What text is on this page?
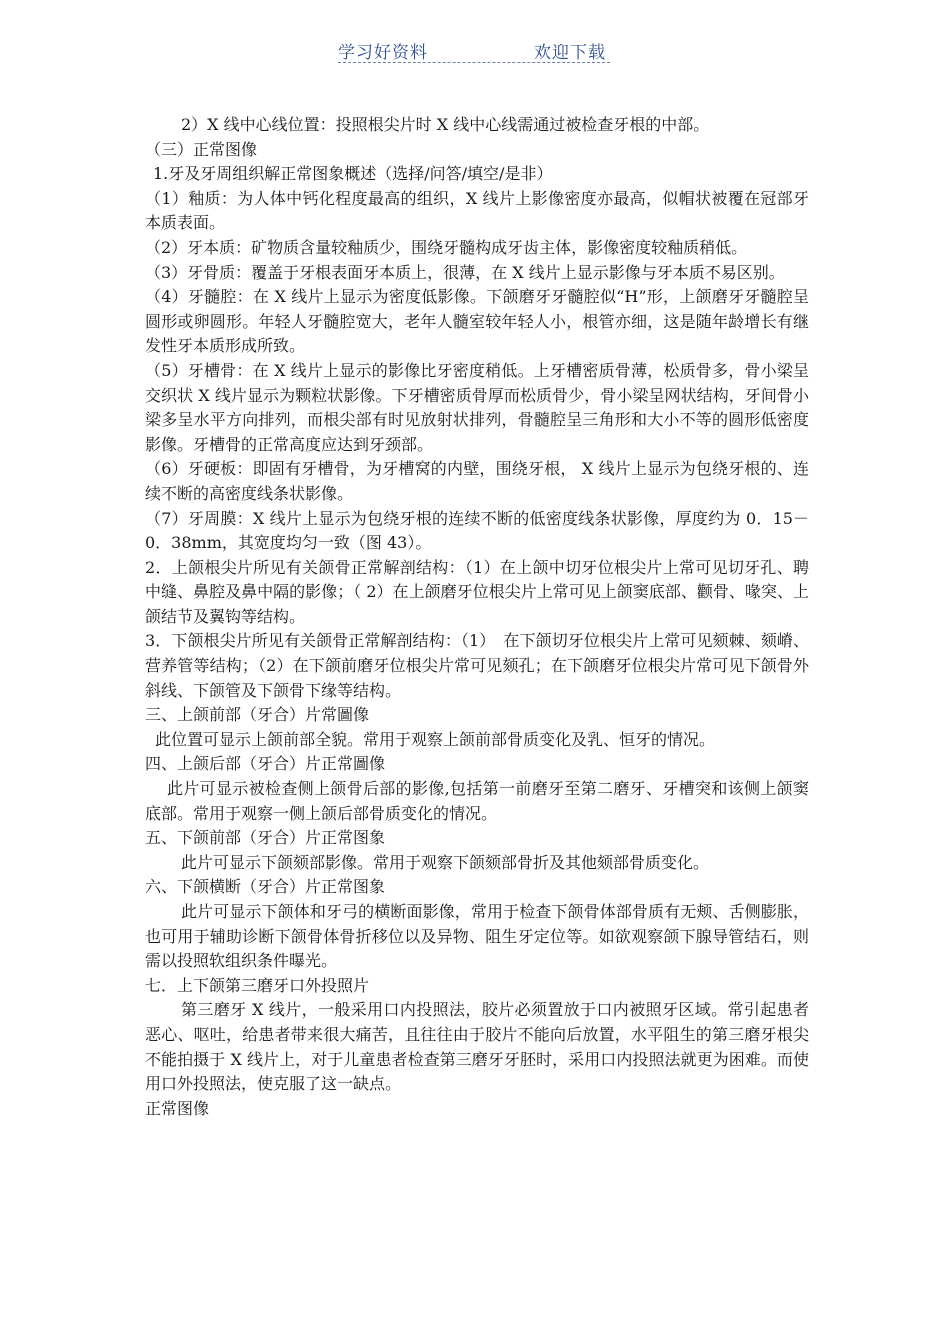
学习好资料	欢迎下载

2）X 线中心线位置：投照根尖片时 X 线中心线需通过被检查牙根的中部。

（三）正常图像

1.牙及牙周组织解正常图象概述（选择/问答/填空/是非）

（1）釉质：为人体中钙化程度最高的组织，X 线片上影像密度亦最高，似帽状被覆在冠部牙本质表面。

（2）牙本质：矿物质含量较釉质少，围绕牙髓构成牙齿主体，影像密度较釉质稍低。

（3）牙骨质：覆盖于牙根表面牙本质上，很薄，在 X 线片上显示影像与牙本质不易区别。

（4）牙髓腔：在 X 线片上显示为密度低影像。下颌磨牙牙髓腔似“H”形，上颌磨牙牙髓腔呈圆形或卵圆形。年轻人牙髓腔宽大，老年人髓室较年轻人小，根管亦细，这是随年龄增长有继发性牙本质形成所致。

（5）牙槽骨：在 X 线片上显示的影像比牙密度稍低。上牙槽密质骨薄，松质骨多，骨小梁呈交织状 X 线片显示为颗粒状影像。下牙槽密质骨厚而松质骨少，骨小梁呈网状结构，牙间骨小梁多呈水平方向排列，而根尖部有时见放射状排列，骨髓腔呈三角形和大小不等的圆形低密度影像。牙槽骨的正常高度应达到牙颈部。

（6）牙硬板：即固有牙槽骨，为牙槽窝的内壁，围绕牙根， X 线片上显示为包绕牙根的、连续不断的高密度线条状影像。

（7）牙周膜：X 线片上显示为包绕牙根的连续不断的低密度线条状影像，厚度约为 0．15－0．38mm，其宽度均匀一致（图 43）。

2．上颌根尖片所见有关颌骨正常解剖结构：（1）在上颌中切牙位根尖片上常可见切牙孔、聘中缝、鼻腔及鼻中隔的影像；（ 2）在上颌磨牙位根尖片上常可见上颌窦底部、颧骨、喙突、上颌结节及翼钩等结构。

3．下颌根尖片所见有关颌骨正常解剖结构：（1）　在下颌切牙位根尖片上常可见颏棘、颏嵴、营养管等结构；（2）在下颌前磨牙位根尖片常可见颏孔；在下颌磨牙位根尖片常可见下颌骨外斜线、下颌管及下颌骨下缘等结构。

三、上颌前部（牙合）片常圖像

此位置可显示上颌前部全貌。常用于观察上颌前部骨质变化及乳、恒牙的情况。

四、上颌后部（牙合）片正常圖像

此片可显示被检查侧上颌骨后部的影像,包括第一前磨牙至第二磨牙、牙槽突和该侧上颌窦底部。常用于观察一侧上颌后部骨质变化的情况。

五、下颌前部（牙合）片正常图象

此片可显示下颌颏部影像。常用于观察下颌颏部骨折及其他颏部骨质变化。

六、下颌横断（牙合）片正常图象

此片可显示下颌体和牙弓的横断面影像，常用于检查下颌骨体部骨质有无颊、舌侧膨胀，也可用于辅助诊断下颌骨体骨折移位以及异物、阻生牙定位等。如欲观察颌下腺导管结石，则需以投照软组织条件曝光。

七．上下颌第三磨牙口外投照片

第三磨牙 X 线片，一般采用口内投照法，胶片必须置放于口内被照牙区域。常引起患者恶心、呕吐，给患者带来很大痛苦，且往往由于胶片不能向后放置，水平阻生的第三磨牙根尖不能拍摄于 X 线片上，对于儿童患者检查第三磨牙牙胚时，采用口内投照法就更为困难。而使用口外投照法，使克服了这一缺点。

正常图像
